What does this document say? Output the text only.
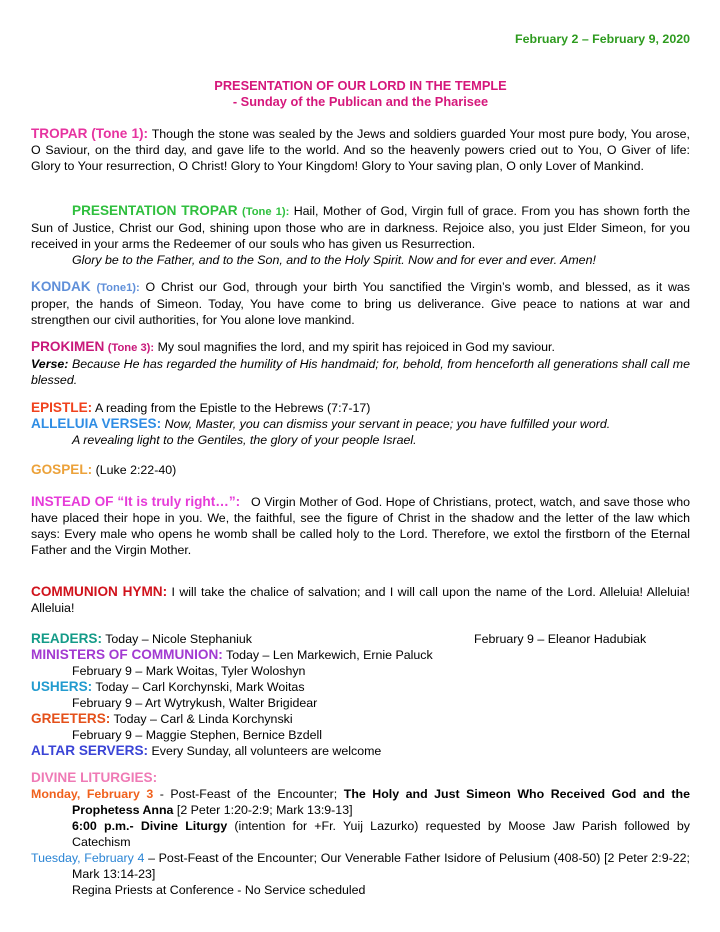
February 2 – February 9, 2020
PRESENTATION OF OUR LORD IN THE TEMPLE
- Sunday of the Publican and the Pharisee
TROPAR (Tone 1): Though the stone was sealed by the Jews and soldiers guarded Your most pure body, You arose, O Saviour, on the third day, and gave life to the world. And so the heavenly powers cried out to You, O Giver of life: Glory to Your resurrection, O Christ! Glory to Your Kingdom! Glory to Your saving plan, O only Lover of Mankind.
PRESENTATION TROPAR (Tone 1): Hail, Mother of God, Virgin full of grace. From you has shown forth the Sun of Justice, Christ our God, shining upon those who are in darkness. Rejoice also, you just Elder Simeon, for you received in your arms the Redeemer of our souls who has given us Resurrection.
Glory be to the Father, and to the Son, and to the Holy Spirit. Now and for ever and ever. Amen!
KONDAK (Tone1): O Christ our God, through your birth You sanctified the Virgin’s womb, and blessed, as it was proper, the hands of Simeon. Today, You have come to bring us deliverance. Give peace to nations at war and strengthen our civil authorities, for You alone love mankind.
PROKIMEN (Tone 3): My soul magnifies the lord, and my spirit has rejoiced in God my saviour.
Verse: Because He has regarded the humility of His handmaid; for, behold, from henceforth all generations shall call me blessed.
EPISTLE: A reading from the Epistle to the Hebrews (7:7-17)
ALLELUIA VERSES: Now, Master, you can dismiss your servant in peace; you have fulfilled your word.
A revealing light to the Gentiles, the glory of your people Israel.
GOSPEL: (Luke 2:22-40)
INSTEAD OF “It is truly right…”: O Virgin Mother of God. Hope of Christians, protect, watch, and save those who have placed their hope in you. We, the faithful, see the figure of Christ in the shadow and the letter of the law which says: Every male who opens he womb shall be called holy to the Lord. Therefore, we extol the firstborn of the Eternal Father and the Virgin Mother.
COMMUNION HYMN: I will take the chalice of salvation; and I will call upon the name of the Lord. Alleluia! Alleluia! Alleluia!
READERS: Today – Nicole Stephaniuk	February 9 – Eleanor Hadubiak
MINISTERS OF COMMUNION: Today – Len Markewich, Ernie Paluck
February 9 – Mark Woitas, Tyler Woloshyn
USHERS: Today – Carl Korchynski, Mark Woitas
February 9 – Art Wytrykush, Walter Brigidear
GREETERS: Today – Carl & Linda Korchynski
February 9 – Maggie Stephen, Bernice Bzdell
ALTAR SERVERS: Every Sunday, all volunteers are welcome
DIVINE LITURGIES:
Monday, February 3 - Post-Feast of the Encounter; The Holy and Just Simeon Who Received God and the Prophetess Anna [2 Peter 1:20-2:9; Mark 13:9-13]
6:00 p.m.- Divine Liturgy (intention for +Fr. Yuij Lazurko) requested by Moose Jaw Parish followed by Catechism
Tuesday, February 4 – Post-Feast of the Encounter; Our Venerable Father Isidore of Pelusium (408-50) [2 Peter 2:9-22; Mark 13:14-23]
Regina Priests at Conference - No Service scheduled
